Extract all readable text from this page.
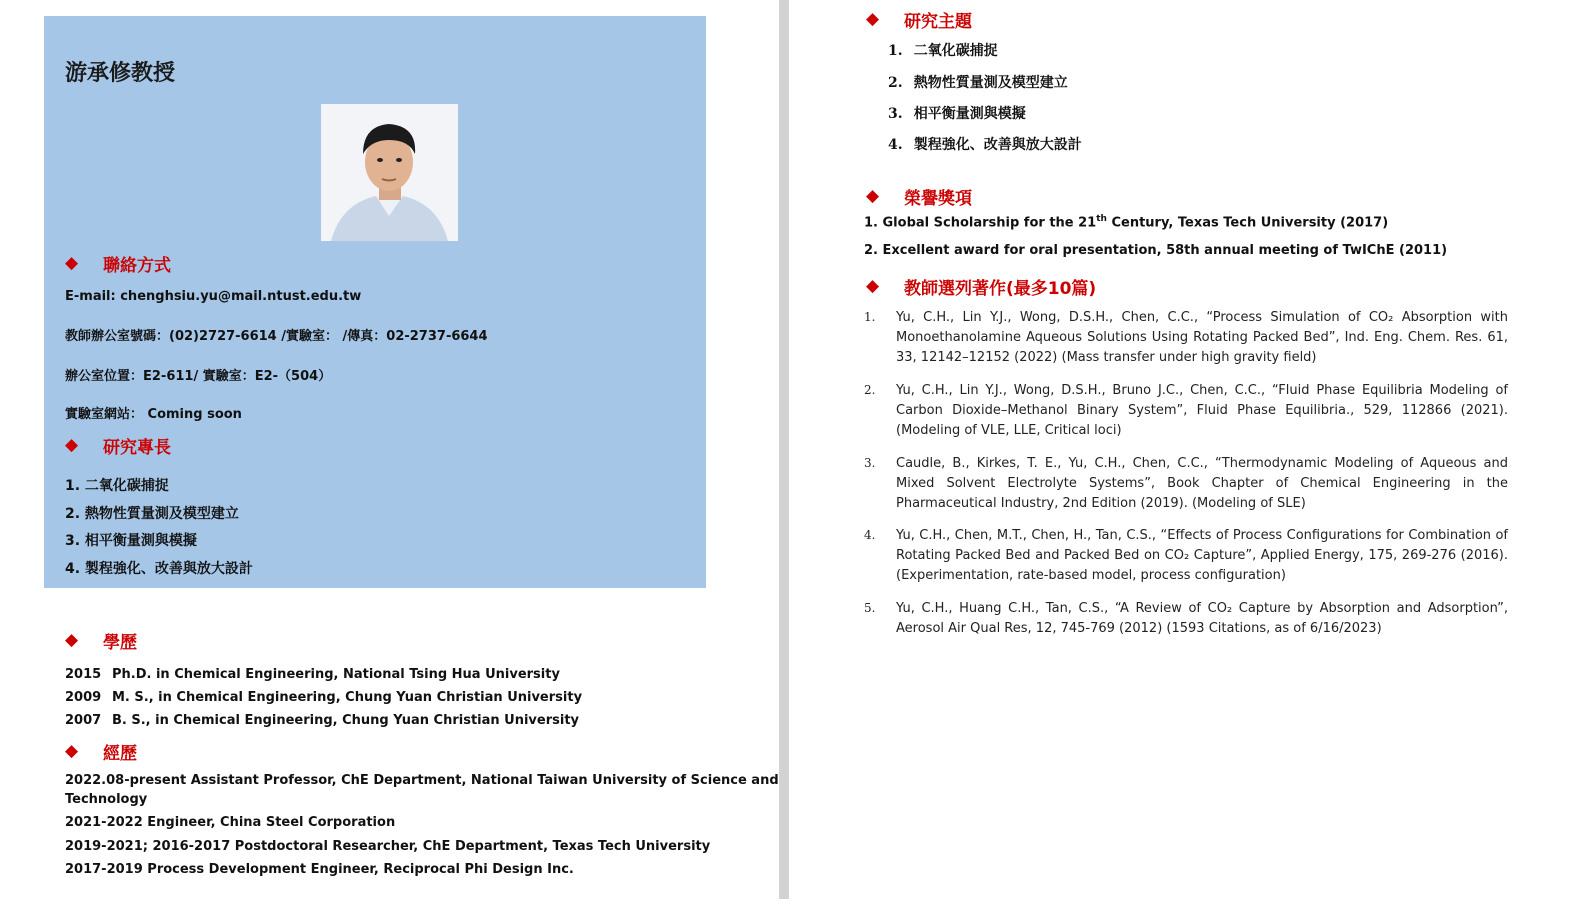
游承修教授
◆	聯絡方式
E-mail: chenghsiu.yu@mail.ntust.edu.tw
教師辦公室號碼：(02)2727-6614 /實驗室： /傳真：02-2737-6644
辦公室位置：E2-611/ 實驗室：E2-（504）
實驗室網站： Coming soon
◆	研究專長
1. 二氧化碳捕捉
2. 熱物性質量測及模型建立
3. 相平衡量測與模擬
4. 製程強化、改善與放大設計
◆	學歷
2015 Ph.D. in Chemical Engineering, National Tsing Hua University
2009 M. S., in Chemical Engineering, Chung Yuan Christian University
2007 B. S., in Chemical Engineering, Chung Yuan Christian University
◆	經歷
2022.08-present Assistant Professor, ChE Department, National Taiwan University of Science and
Technology
2021-2022 Engineer, China Steel Corporation
2019-2021; 2016-2017 Postdoctoral Researcher, ChE Department, Texas Tech University
2017-2019 Process Development Engineer, Reciprocal Phi Design Inc.
◆	研究主題
1. 二氧化碳捕捉
2. 熱物性質量測及模型建立
3. 相平衡量測與模擬
4. 製程強化、改善與放大設計
◆	榮譽獎項
1. Global Scholarship for the 21th Century, Texas Tech University (2017)
2. Excellent award for oral presentation, 58th annual meeting of TwIChE (2011)
◆	教師選列著作(最多10篇)
1. Yu, C.H., Lin Y.J., Wong, D.S.H., Chen, C.C., “Process Simulation of CO₂ Absorption with Monoethanolamine Aqueous Solutions Using Rotating Packed Bed”, Ind. Eng. Chem. Res. 61, 33, 12142–12152 (2022) (Mass transfer under high gravity field)
2. Yu, C.H., Lin Y.J., Wong, D.S.H., Bruno J.C., Chen, C.C., “Fluid Phase Equilibria Modeling of Carbon Dioxide–Methanol Binary System”, Fluid Phase Equilibria., 529, 112866 (2021). (Modeling of VLE, LLE, Critical loci)
3. Caudle, B., Kirkes, T. E., Yu, C.H., Chen, C.C., “Thermodynamic Modeling of Aqueous and Mixed Solvent Electrolyte Systems”, Book Chapter of Chemical Engineering in the Pharmaceutical Industry, 2nd Edition (2019). (Modeling of SLE)
4. Yu, C.H., Chen, M.T., Chen, H., Tan, C.S., “Effects of Process Configurations for Combination of Rotating Packed Bed and Packed Bed on CO₂ Capture”, Applied Energy, 175, 269-276 (2016). (Experimentation, rate-based model, process configuration)
5. Yu, C.H., Huang C.H., Tan, C.S., “A Review of CO₂ Capture by Absorption and Adsorption”, Aerosol Air Qual Res, 12, 745-769 (2012) (1593 Citations, as of 6/16/2023)
